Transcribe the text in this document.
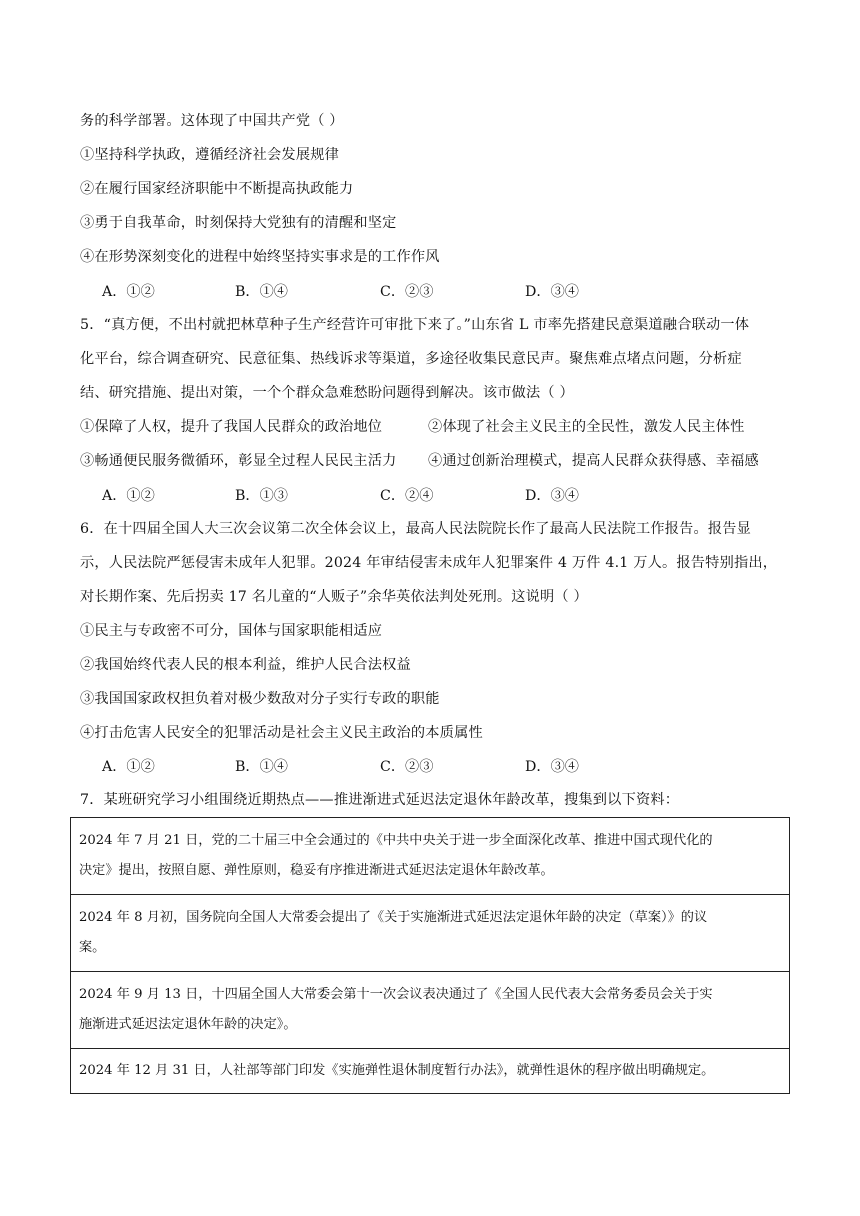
务的科学部署。这体现了中国共产党（ ）
①坚持科学执政，遵循经济社会发展规律
②在履行国家经济职能中不断提高执政能力
③勇于自我革命，时刻保持大党独有的清醒和坚定
④在形势深刻变化的进程中始终坚持实事求是的工作作风
A．①②	B．①④	C．②③	D．③④
5．“真方便，不出村就把林草种子生产经营许可审批下来了。”山东省 L 市率先搭建民意渠道融合联动一体
化平台，综合调查研究、民意征集、热线诉求等渠道，多途径收集民意民声。聚焦难点堵点问题，分析症
结、研究措施、提出对策，一个个群众急难愁盼问题得到解决。该市做法（ ）
①保障了人权，提升了我国人民群众的政治地位	②体现了社会主义民主的全民性，激发人民主体性
③畅通便民服务微循环，彰显全过程人民民主活力 ④通过创新治理模式，提高人民群众获得感、幸福感
A．①②	B．①③	C．②④	D．③④
6．在十四届全国人大三次会议第二次全体会议上，最高人民法院院长作了最高人民法院工作报告。报告显
示，人民法院严惩侵害未成年人犯罪。2024 年审结侵害未成年人犯罪案件 4 万件 4.1 万人。报告特别指出，
对长期作案、先后拐卖 17 名儿童的“人贩子”余华英依法判处死刑。这说明（ ）
①民主与专政密不可分，国体与国家职能相适应
②我国始终代表人民的根本利益，维护人民合法权益
③我国国家政权担负着对极少数敌对分子实行专政的职能
④打击危害人民安全的犯罪活动是社会主义民主政治的本质属性
A．①②	B．①④	C．②③	D．③④
7．某班研究学习小组围绕近期热点——推进渐进式延迟法定退休年龄改革，搜集到以下资料：
2024 年 7 月 21 日，党的二十届三中全会通过的《中共中央关于进一步全面深化改革、推进中国式现代化的
决定》提出，按照自愿、弹性原则，稳妥有序推进渐进式延迟法定退休年龄改革。

2024 年 8 月初，国务院向全国人大常委会提出了《关于实施渐进式延迟法定退休年龄的决定（草案）》的议
案。

2024 年 9 月 13 日，十四届全国人大常委会第十一次会议表决通过了《全国人民代表大会常务委员会关于实
施渐进式延迟法定退休年龄的决定》。

2024 年 12 月 31 日，人社部等部门印发《实施弹性退休制度暂行办法》，就弹性退休的程序做出明确规定。
